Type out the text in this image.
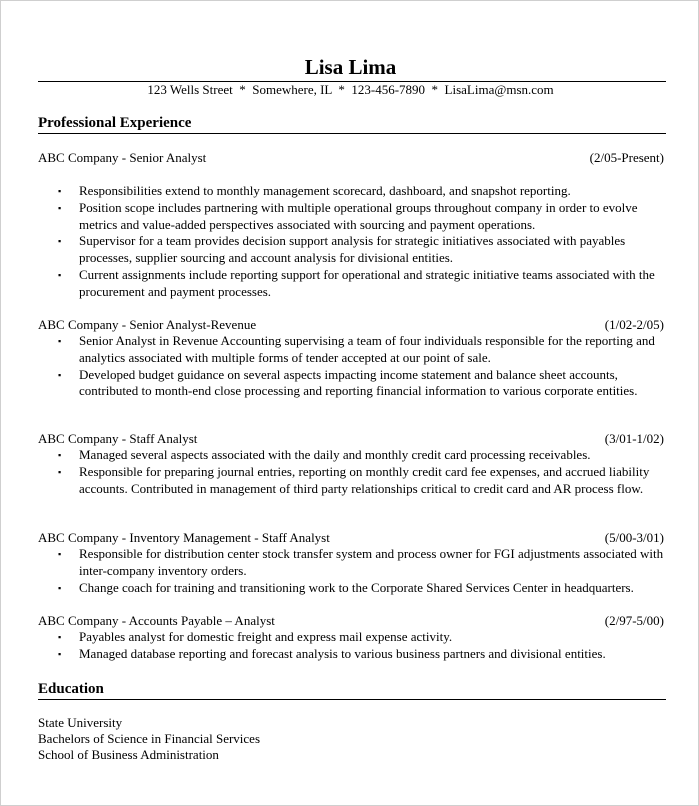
Lisa Lima
123 Wells Street  *  Somewhere, IL  *  123-456-7890  *  LisaLima@msn.com
Professional Experience
ABC Company - Senior Analyst	(2/05-Present)
▪ Responsibilities extend to monthly management scorecard, dashboard, and snapshot reporting.
▪ Position scope includes partnering with multiple operational groups throughout company in order to evolve metrics and value-added perspectives associated with sourcing and payment operations.
▪ Supervisor for a team provides decision support analysis for strategic initiatives associated with payables processes, supplier sourcing and account analysis for divisional entities.
▪ Current assignments include reporting support for operational and strategic initiative teams associated with the procurement and payment processes.
ABC Company - Senior Analyst-Revenue	(1/02-2/05)
▪ Senior Analyst in Revenue Accounting supervising a team of four individuals responsible for the reporting and analytics associated with multiple forms of tender accepted at our point of sale.
▪ Developed budget guidance on several aspects impacting income statement and balance sheet accounts, contributed to month-end close processing and reporting financial information to various corporate entities.
ABC Company - Staff Analyst	(3/01-1/02)
▪ Managed several aspects associated with the daily and monthly credit card processing receivables.
▪ Responsible for preparing journal entries, reporting on monthly credit card fee expenses, and accrued liability accounts. Contributed in management of third party relationships critical to credit card and AR process flow.
ABC Company - Inventory Management - Staff Analyst	(5/00-3/01)
▪ Responsible for distribution center stock transfer system and process owner for FGI adjustments associated with inter-company inventory orders.
▪ Change coach for training and transitioning work to the Corporate Shared Services Center in headquarters.
ABC Company - Accounts Payable – Analyst	(2/97-5/00)
▪ Payables analyst for domestic freight and express mail expense activity.
▪ Managed database reporting and forecast analysis to various business partners and divisional entities.
Education
State University
Bachelors of Science in Financial Services
School of Business Administration
